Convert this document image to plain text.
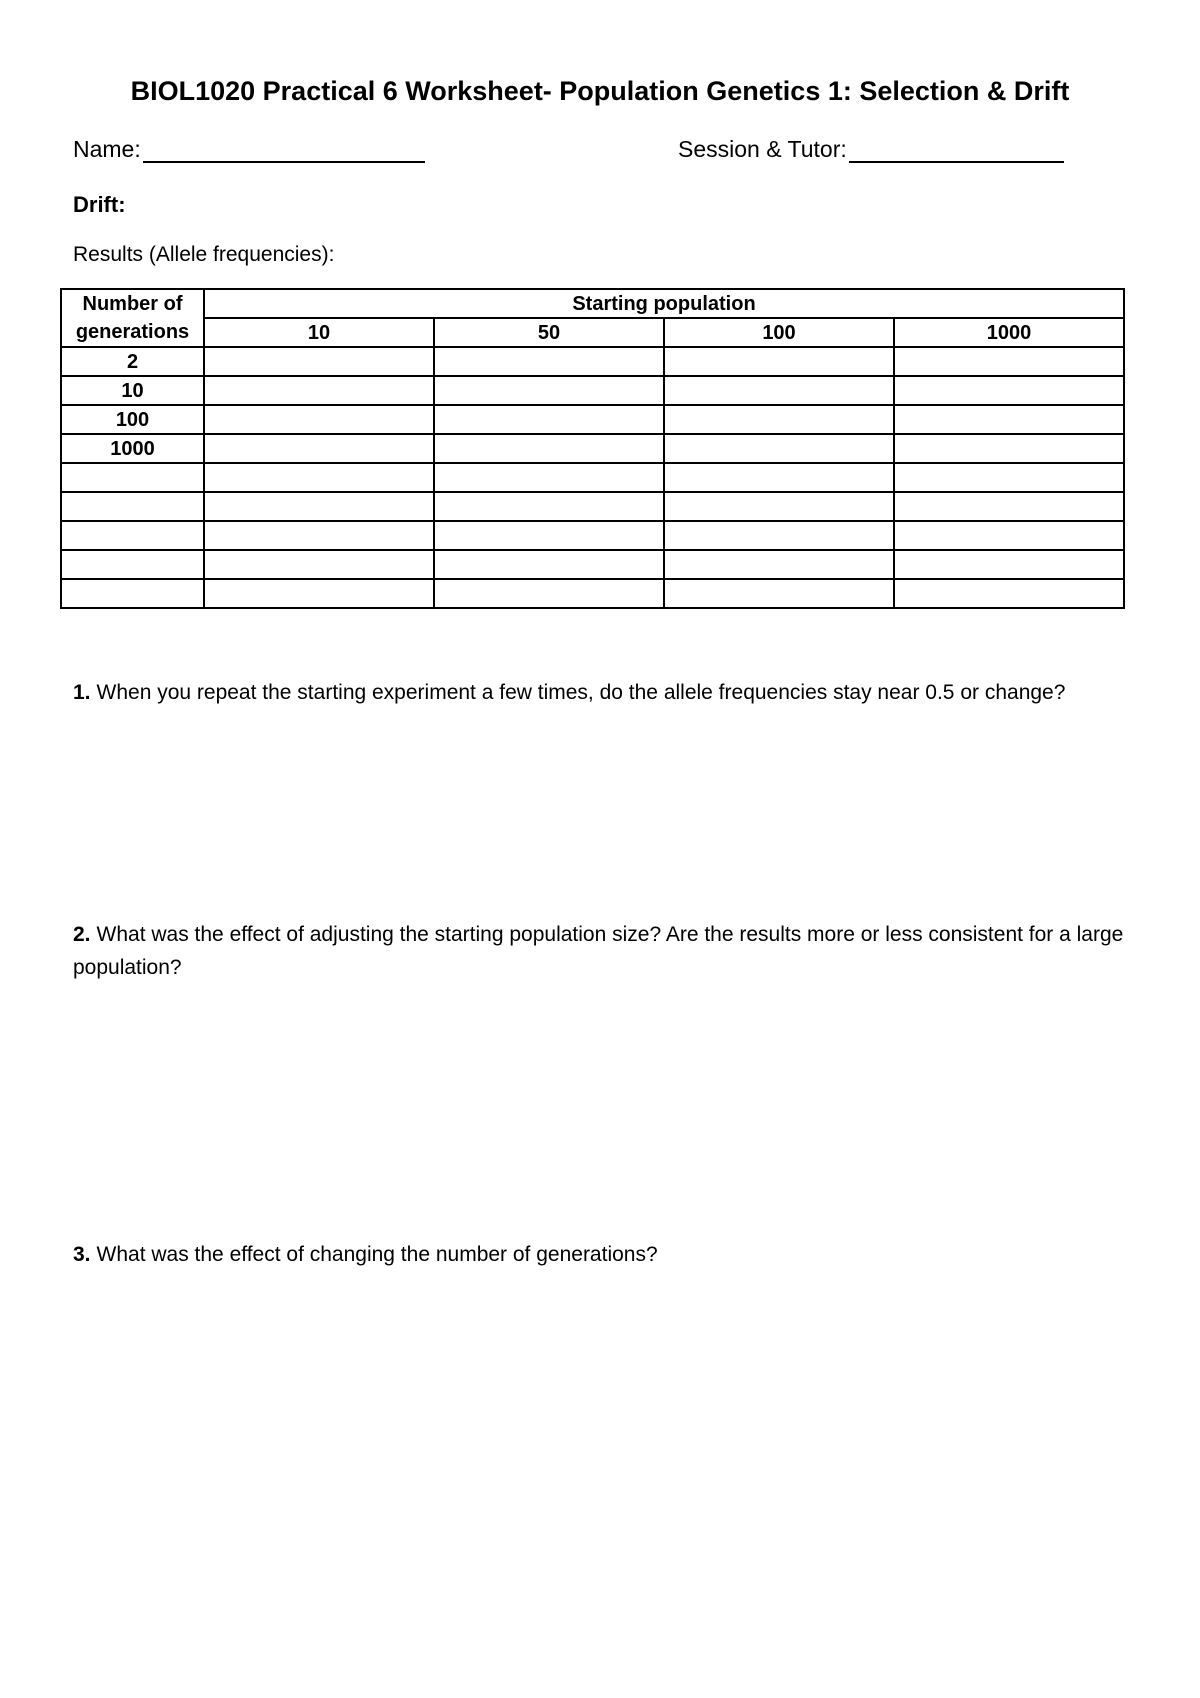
BIOL1020 Practical 6 Worksheet- Population Genetics 1: Selection & Drift
Name:	Session & Tutor:
Drift:
Results (Allele frequencies):
Number of	Starting population			
generations	10	50	100	1000
2				
10				
100				
1000				

1. When you repeat the starting experiment a few times, do the allele frequencies stay near 0.5 or change?
2. What was the effect of adjusting the starting population size? Are the results more or less consistent for a large population?
3. What was the effect of changing the number of generations?
